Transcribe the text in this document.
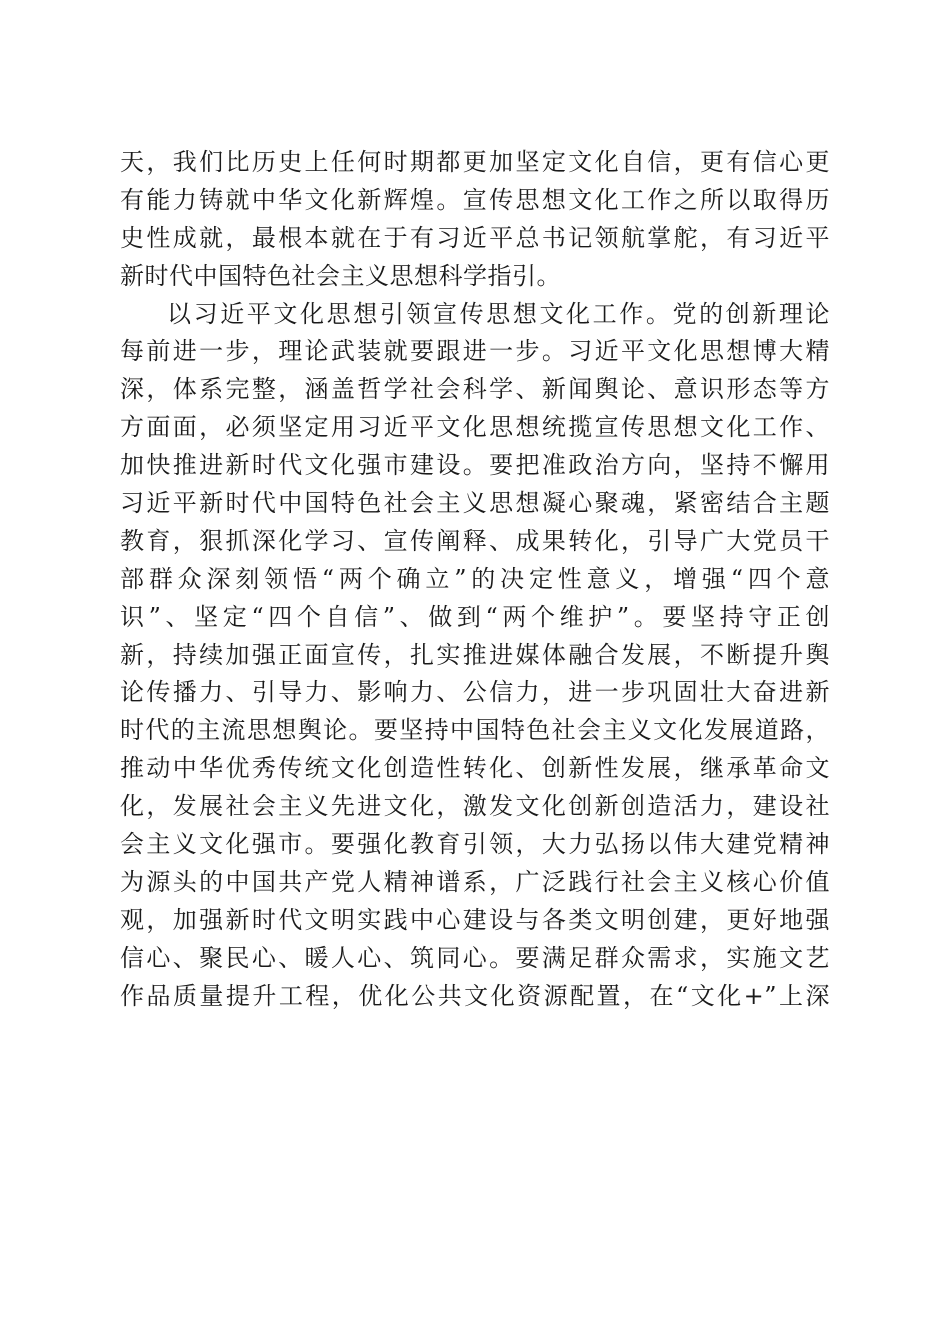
天，我们比历史上任何时期都更加坚定文化自信，更有信心更
有能力铸就中华文化新辉煌。宣传思想文化工作之所以取得历
史性成就，最根本就在于有习近平总书记领航掌舵，有习近平
新时代中国特色社会主义思想科学指引。
以习近平文化思想引领宣传思想文化工作。党的创新理论
每前进一步，理论武装就要跟进一步。习近平文化思想博大精
深，体系完整，涵盖哲学社会科学、新闻舆论、意识形态等方
方面面，必须坚定用习近平文化思想统揽宣传思想文化工作、
加快推进新时代文化强市建设。要把准政治方向，坚持不懈用
习近平新时代中国特色社会主义思想凝心聚魂，紧密结合主题
教育，狠抓深化学习、宣传阐释、成果转化，引导广大党员干
部群众深刻领悟“两个确立”的决定性意义，增强“四个意
识”、坚定“四个自信”、做到“两个维护”。要坚持守正创
新，持续加强正面宣传，扎实推进媒体融合发展，不断提升舆
论传播力、引导力、影响力、公信力，进一步巩固壮大奋进新
时代的主流思想舆论。要坚持中国特色社会主义文化发展道路，
推动中华优秀传统文化创造性转化、创新性发展，继承革命文
化，发展社会主义先进文化，激发文化创新创造活力，建设社
会主义文化强市。要强化教育引领，大力弘扬以伟大建党精神
为源头的中国共产党人精神谱系，广泛践行社会主义核心价值
观，加强新时代文明实践中心建设与各类文明创建，更好地强
信心、聚民心、暖人心、筑同心。要满足群众需求，实施文艺
作品质量提升工程，优化公共文化资源配置，在“文化+”上深
